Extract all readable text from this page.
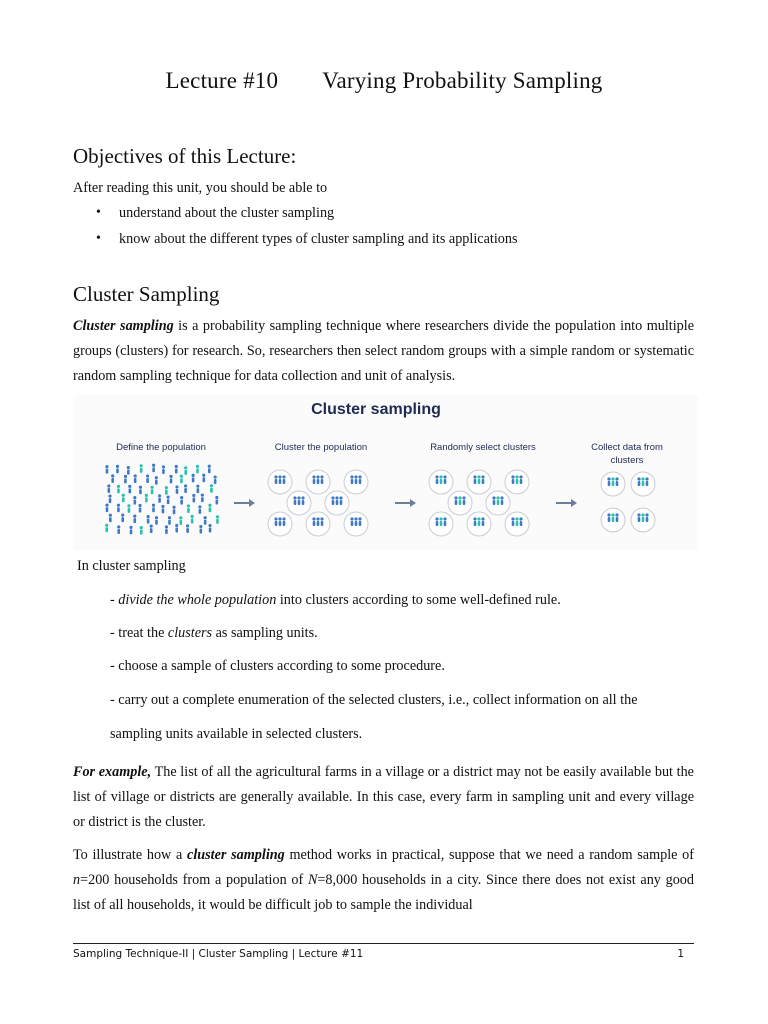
Lecture #10 Varying Probability Sampling
Objectives of this Lecture:

After reading this unit, you should be able to

• understand about the cluster sampling

• know about the different types of cluster sampling and its applications

Cluster Sampling

Cluster sampling is a probability sampling technique where researchers divide the population into multiple groups (clusters) for research. So, researchers then select random groups with a simple random or systematic random sampling technique for data collection and unit of analysis.

Cluster sampling
Define the population	Cluster the population	Randomly select clusters	Collect data from
clusters

In cluster sampling

- divide the whole population into clusters according to some well-defined rule.

- treat the clusters as sampling units.

- choose a sample of clusters according to some procedure.

- carry out a complete enumeration of the selected clusters, i.e., collect information on all the

sampling units available in selected clusters.

For example, The list of all the agricultural farms in a village or a district may not be easily available but the list of village or districts are generally available. In this case, every farm in sampling unit and every village or district is the cluster.

To illustrate how a cluster sampling method works in practical, suppose that we need a random sample of n=200 households from a population of N=8,000 households in a city. Since there does not exist any good list of all households, it would be difficult job to sample the individual

Sampling Technique-II | Cluster Sampling | Lecture #11	1
